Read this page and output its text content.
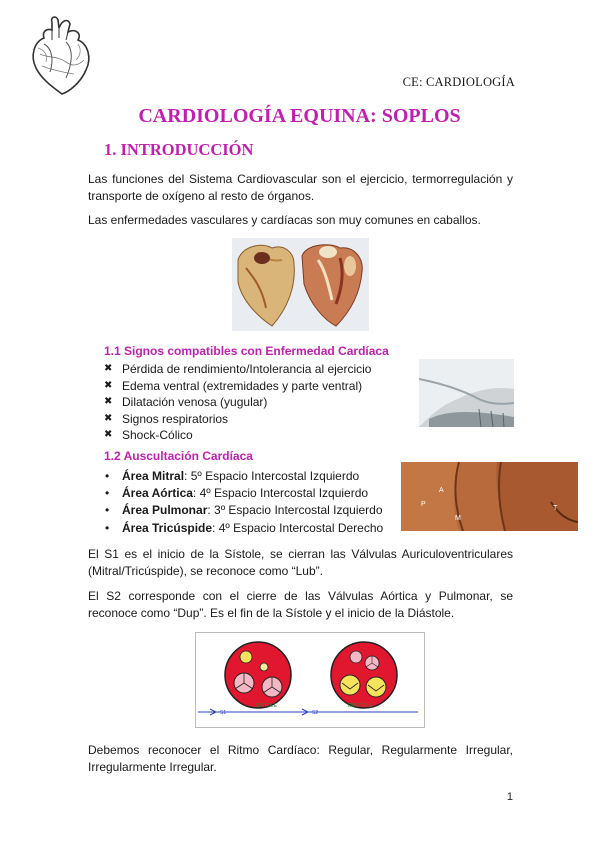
CE: CARDIOLOGÍA
CARDIOLOGÍA EQUINA: SOPLOS
1. INTRODUCCIÓN
Las funciones del Sistema Cardiovascular son el ejercicio, termorregulación y transporte de oxígeno al resto de órganos.
Las enfermedades vasculares y cardíacas son muy comunes en caballos.
1.1 Signos compatibles con Enfermedad Cardíaca
✖ Pérdida de rendimiento/Intolerancia al ejercicio
✖ Edema ventral (extremidades y parte ventral)
✖ Dilatación venosa (yugular)
✖ Signos respiratorios
✖ Shock-Cólico
1.2 Auscultación Cardíaca
• Área Mitral: 5º Espacio Intercostal Izquierdo
• Área Aórtica: 4º Espacio Intercostal Izquierdo
• Área Pulmonar: 3º Espacio Intercostal Izquierdo
• Área Tricúspide: 4º Espacio Intercostal Derecho
P
A
M
T
El S1 es el inicio de la Sístole, se cierran las Válvulas Auriculoventriculares (Mitral/Tricúspide), se reconoce como “Lub”.
El S2 corresponde con el cierre de las Válvulas Aórtica y Pulmonar, se reconoce como “Dup”. Es el fin de la Sístole y el inicio de la Diástole.
S1	S2
SISTOLE	DIASTOLE
Debemos reconocer el Ritmo Cardíaco: Regular, Regularmente Irregular, Irregularmente Irregular.
1
